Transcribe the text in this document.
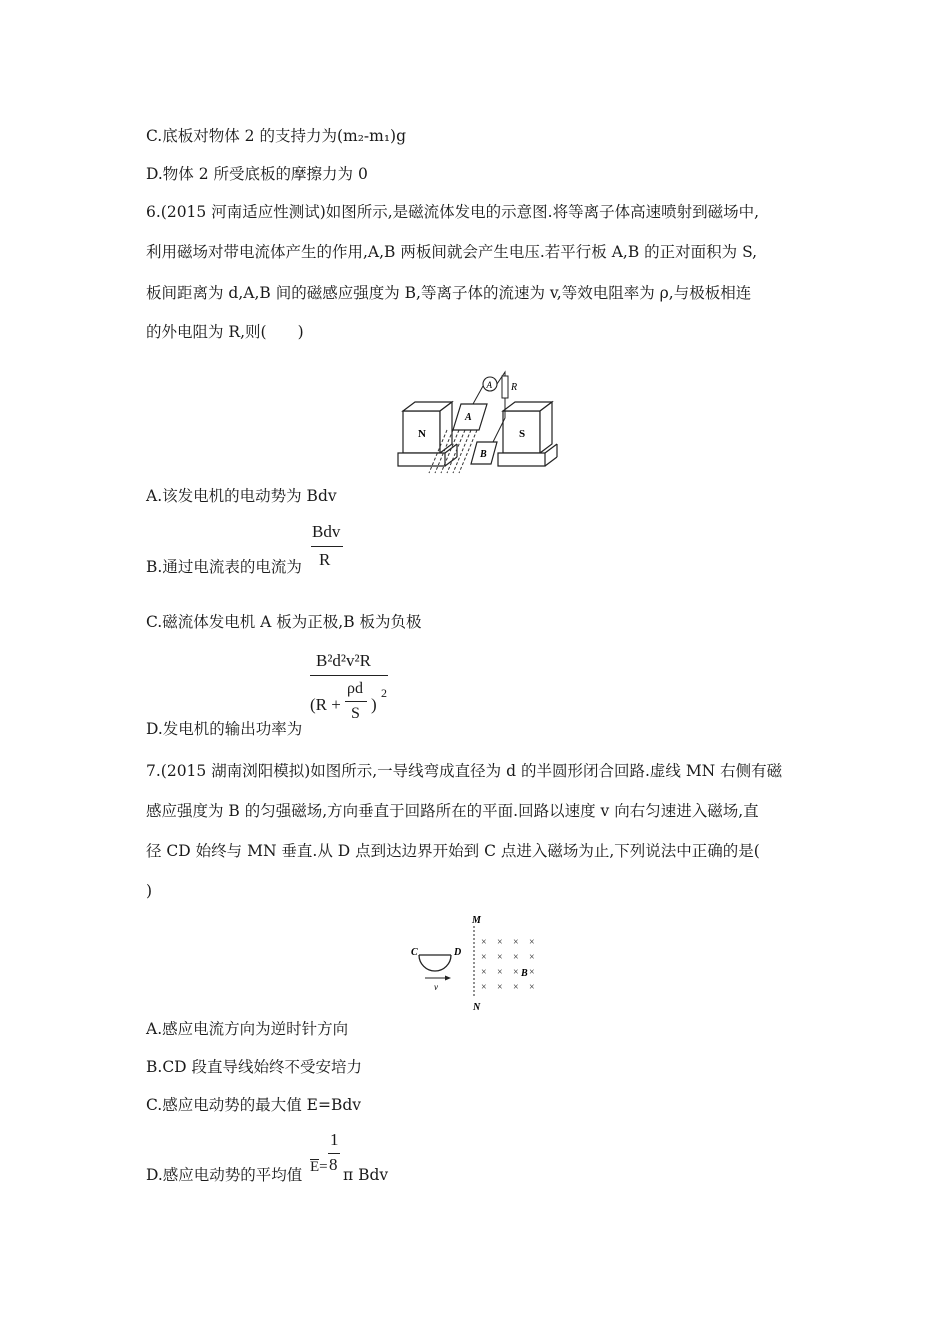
C.底板对物体 2 的支持力为(m₂-m₁)g
D.物体 2 所受底板的摩擦力为 0
6.(2015 河南适应性测试)如图所示,是磁流体发电的示意图.将等离子体高速喷射到磁场中,
利用磁场对带电流体产生的作用,A,B 两板间就会产生电压.若平行板 A,B 的正对面积为 S,
板间距离为 d,A,B 间的磁感应强度为 B,等离子体的流速为 v,等效电阻率为 ρ,与极板相连
的外电阻为 R,则(　　)
N	S
A
B
A R
A.该发电机的电动势为 Bdv
B.通过电流表的电流为
Bdv
R
C.磁流体发电机 A 板为正极,B 板为负极
D.发电机的输出功率为
B²d²v²R
(R +
ρd
S )
2
7.(2015 湖南浏阳模拟)如图所示,一导线弯成直径为 d 的半圆形闭合回路.虚线 MN 右侧有磁
感应强度为 B 的匀强磁场,方向垂直于回路所在的平面.回路以速度 v 向右匀速进入磁场,直
径 CD 始终与 MN 垂直.从 D 点到达边界开始到 C 点进入磁场为止,下列说法中正确的是(
)
M
N
C	D
v
× × × ×
× × × ×
× × × ×
× × × ×
B
A.感应电流方向为逆时针方向
B.CD 段直导线始终不受安培力
C.感应电动势的最大值 E=Bdv
D.感应电动势的平均值 E=
1
8
π Bdv
